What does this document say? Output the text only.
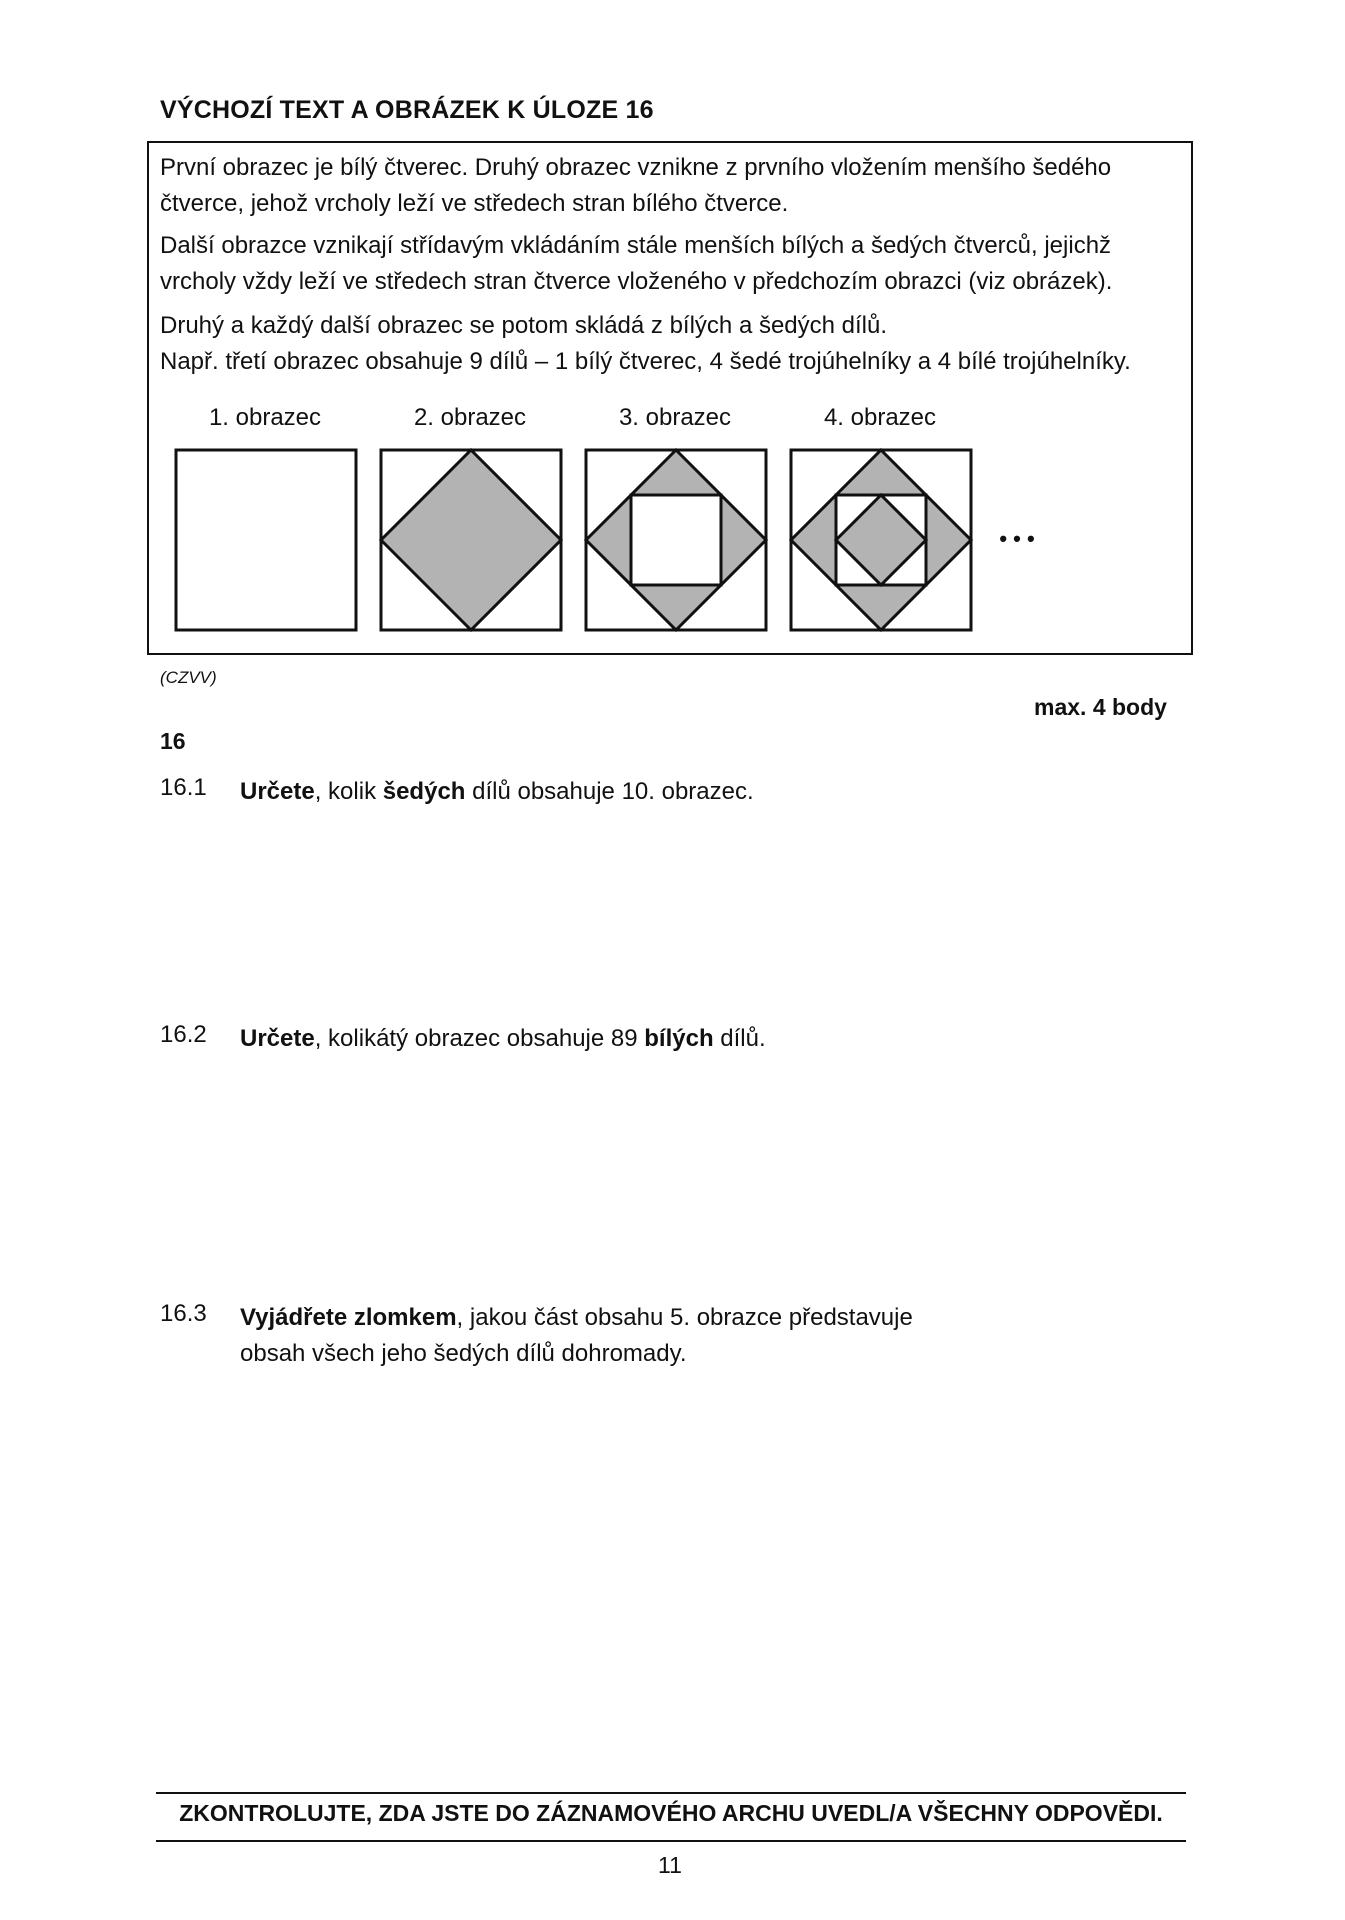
VÝCHOZÍ TEXT A OBRÁZEK K ÚLOZE 16
První obrazec je bílý čtverec. Druhý obrazec vznikne z prvního vložením menšího šedého
čtverce, jehož vrcholy leží ve středech stran bílého čtverce.
Další obrazce vznikají střídavým vkládáním stále menších bílých a šedých čtverců, jejichž
vrcholy vždy leží ve středech stran čtverce vloženého v předchozím obrazci (viz obrázek).
Druhý a každý další obrazec se potom skládá z bílých a šedých dílů.
Např. třetí obrazec obsahuje 9 dílů – 1 bílý čtverec, 4 šedé trojúhelníky a 4 bílé trojúhelníky.
1. obrazec	2. obrazec	3. obrazec	4. obrazec
• • •
(CZVV)
max. 4 body
16
16.1 Určete, kolik šedých dílů obsahuje 10. obrazec.
16.2 Určete, kolikátý obrazec obsahuje 89 bílých dílů.
16.3 Vyjádřete zlomkem, jakou část obsahu 5. obrazce představuje
obsah všech jeho šedých dílů dohromady.
ZKONTROLUJTE, ZDA JSTE DO ZÁZNAMOVÉHO ARCHU UVEDL/A VŠECHNY ODPOVĚDI.
11
